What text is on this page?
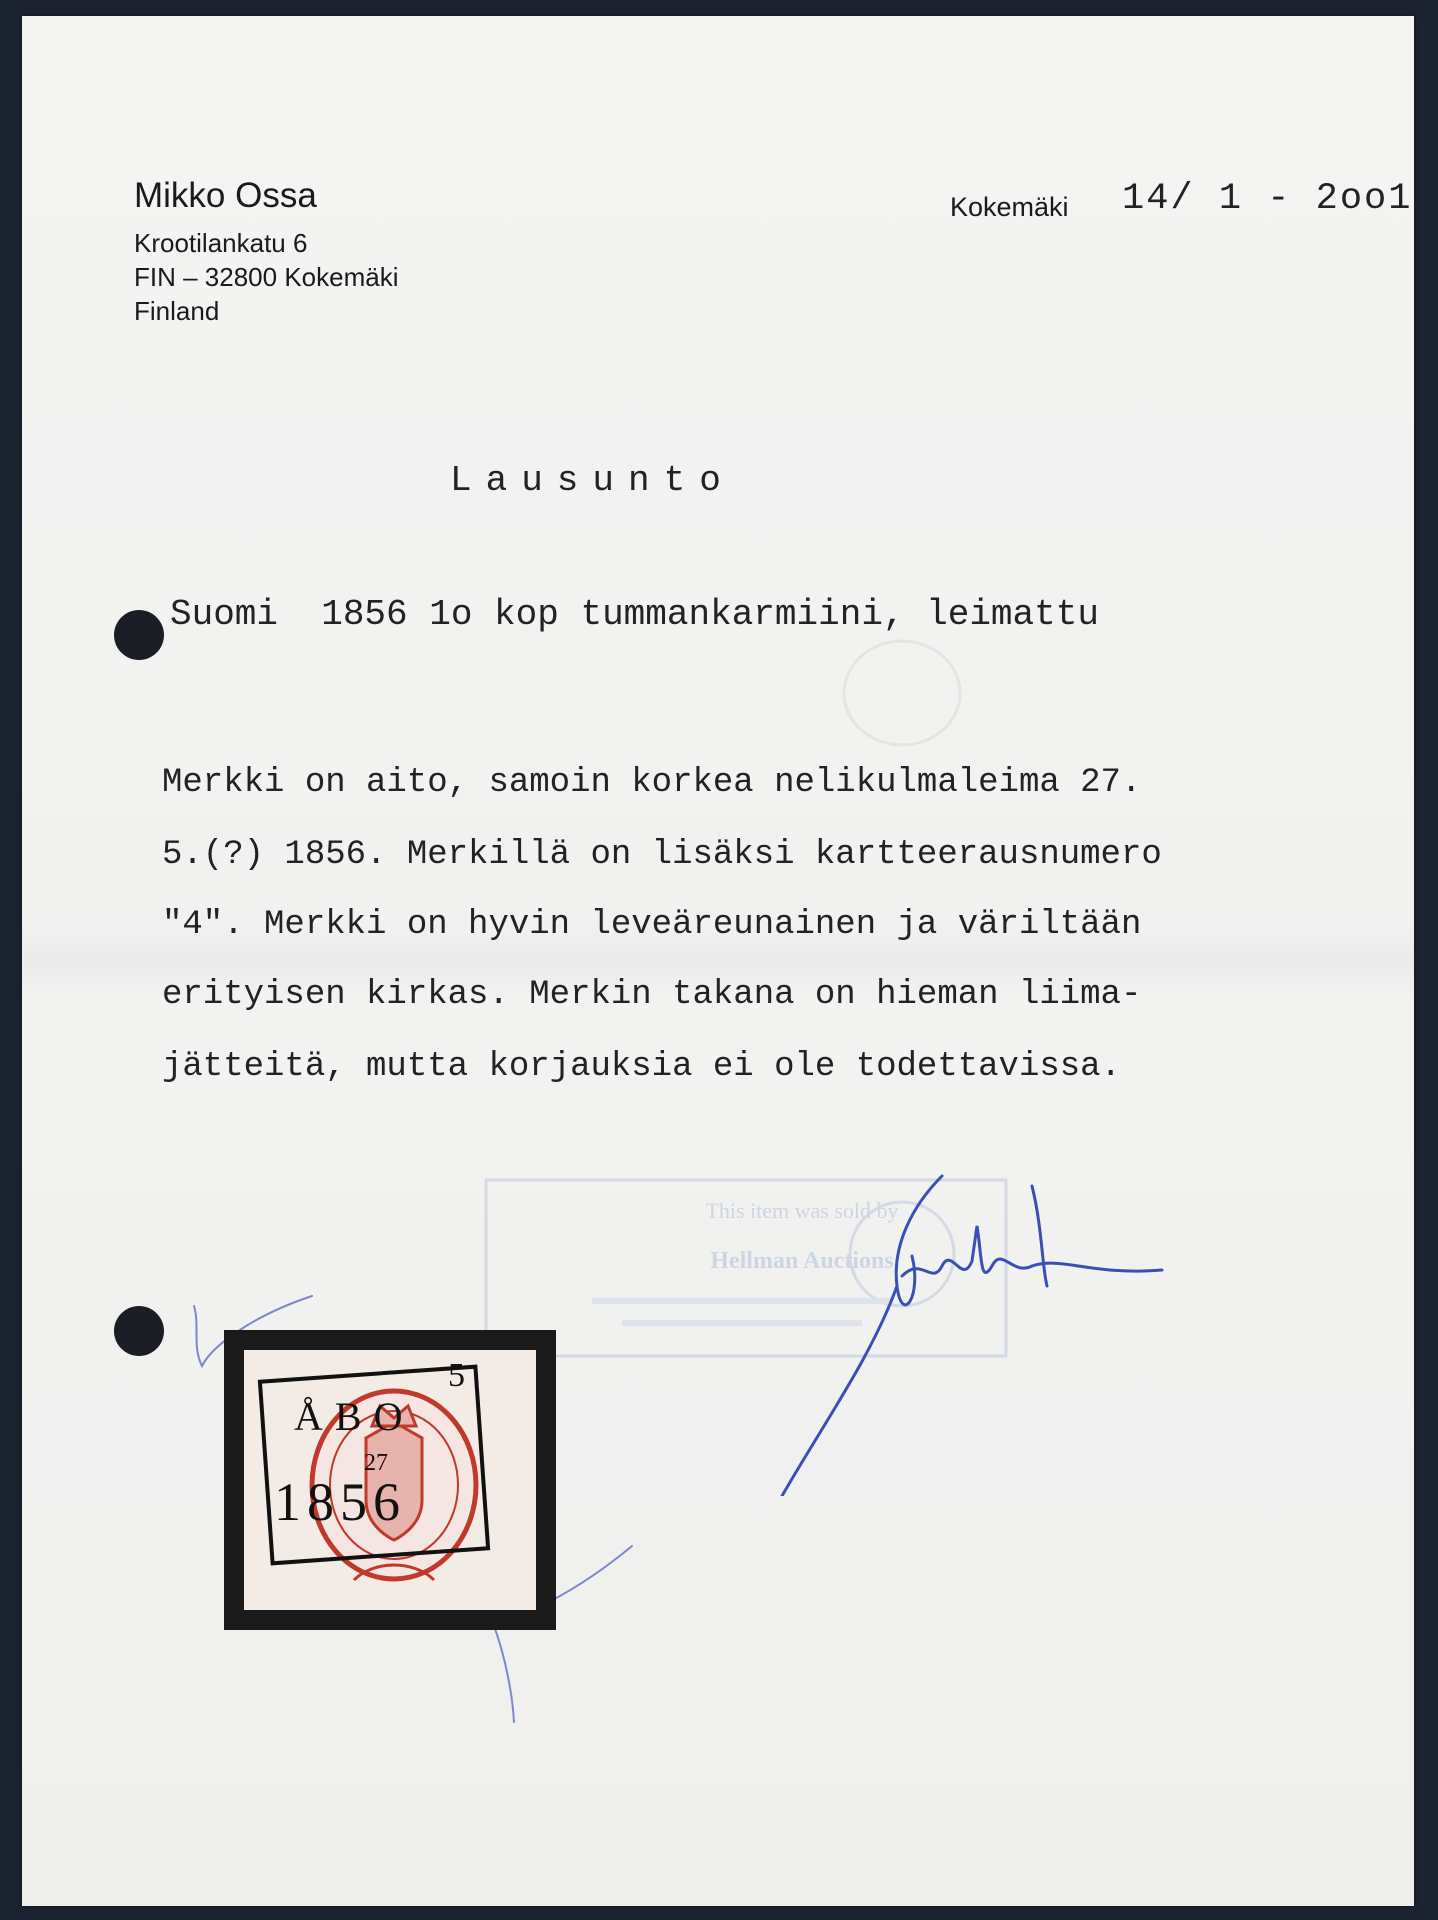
Mikko Ossa
Krootilankatu 6
FIN – 32800 Kokemäki
Finland
Kokemäki 14/ 1 - 2oo1
Lausunto
Suomi  1856 1o kop tummankarmiini, leimattu
Merkki on aito, samoin korkea nelikulmaleima 27.
5.(?) 1856. Merkillä on lisäksi kartteerausnumero
"4". Merkki on hyvin leveäreunainen ja väriltään
erityisen kirkas. Merkin takana on hieman liima-
jätteitä, mutta korjauksia ei ole todettavissa.
This item was sold by
Hellman Auctions
ÅBO
5
27
1856
